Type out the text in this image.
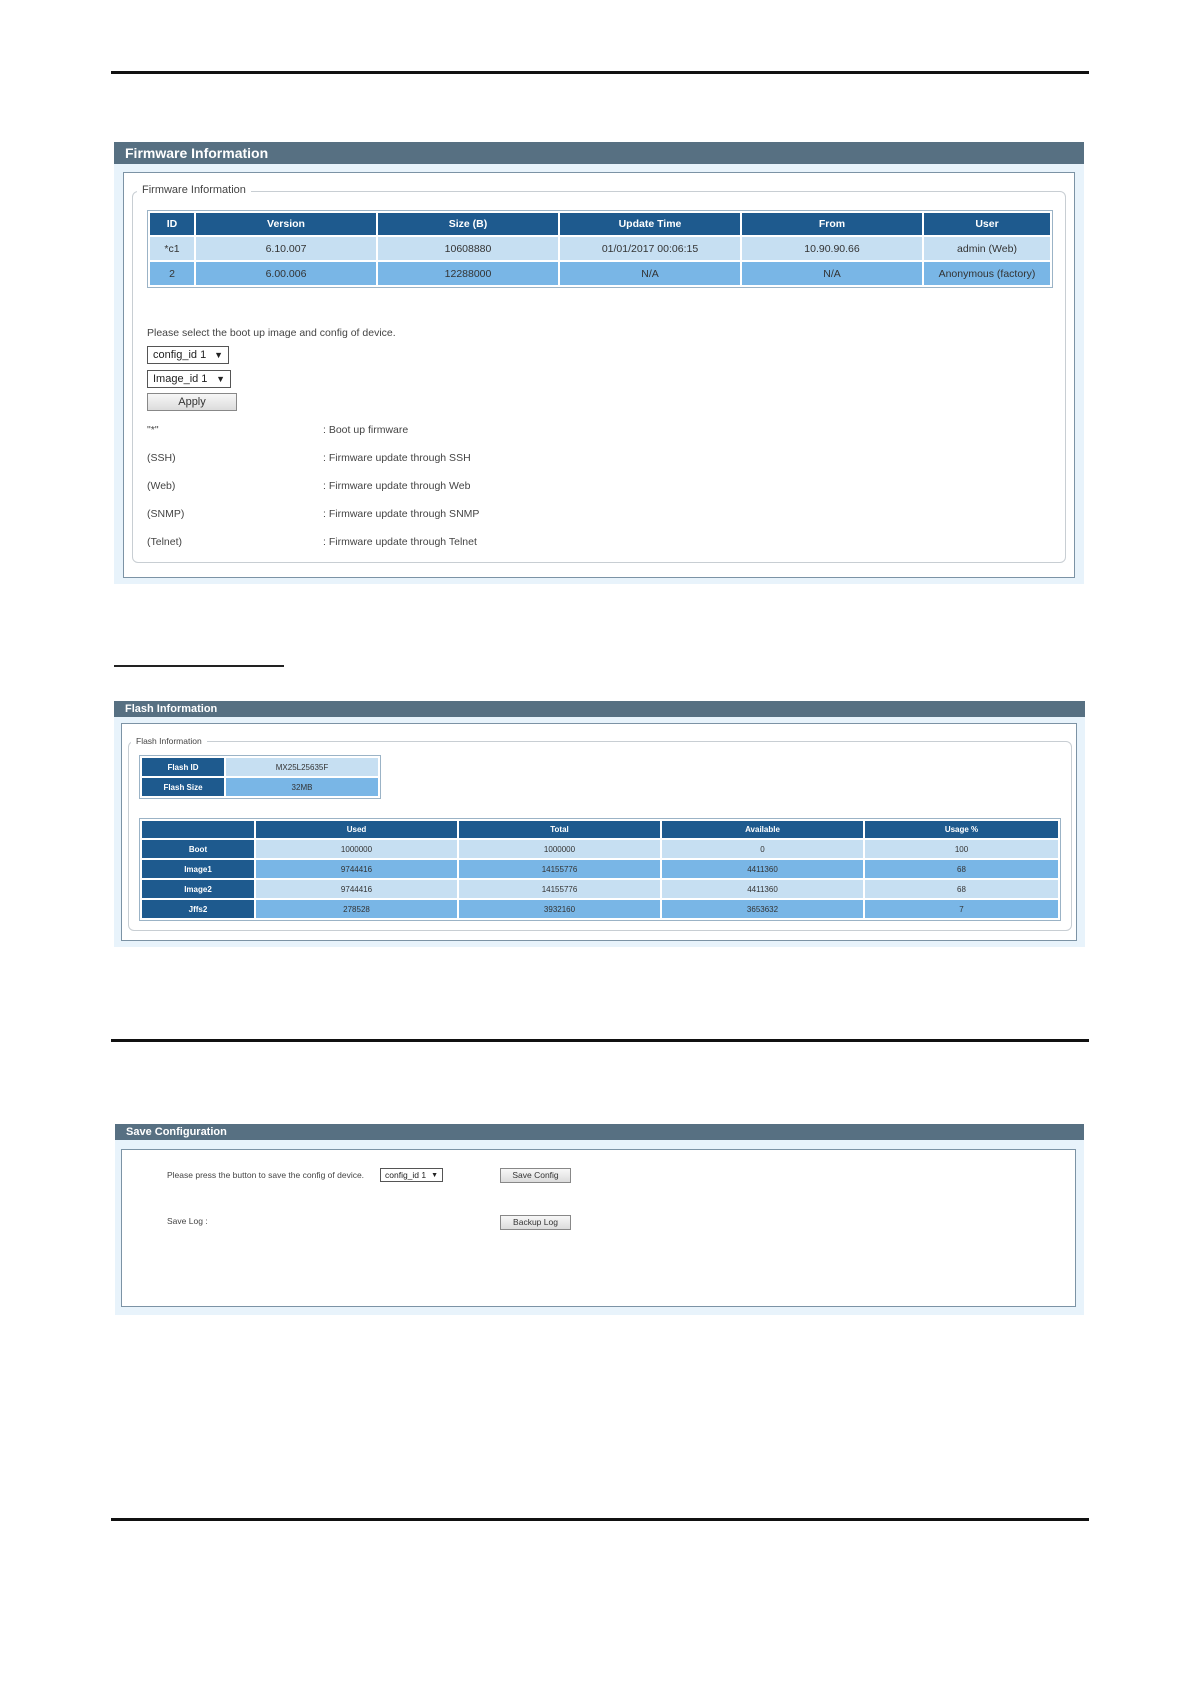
Firmware Information
Firmware Information
ID	Version	Size (B)	Update Time	From	User
*c1	6.10.007	10608880	01/01/2017 00:06:15	10.90.90.66	admin (Web)
2	6.00.006	12288000	N/A	N/A	Anonymous (factory)
Please select the boot up image and config of device.
config_id 1 ▼
Image_id 1 ▼
Apply
"*"	: Boot up firmware
(SSH)	: Firmware update through SSH
(Web)	: Firmware update through Web
(SNMP)	: Firmware update through SNMP
(Telnet)	: Firmware update through Telnet
Flash Information
Flash Information
Flash ID	MX25L25635F
Flash Size	32MB
	Used	Total	Available	Usage %
Boot	1000000	1000000	0	100
Image1	9744416	14155776	4411360	68
Image2	9744416	14155776	4411360	68
Jffs2	278528	3932160	3653632	7
Save Configuration
Please press the button to save the config of device. config_id 1 ▼	Save Config
Save Log :	Backup Log
